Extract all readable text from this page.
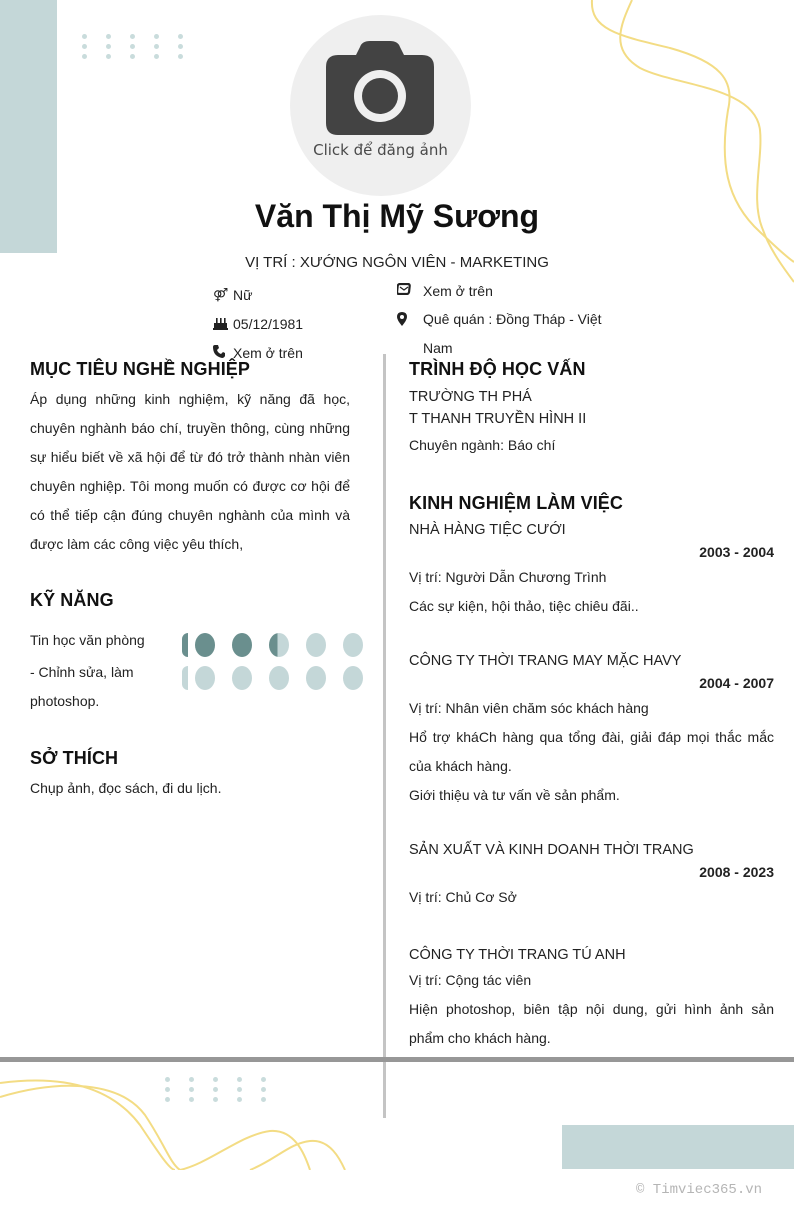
Click để đăng ảnh
Văn Thị Mỹ Sương
VỊ TRÍ : XƯỚNG NGÔN VIÊN - MARKETING
⚤ Nữ
05/12/1981
Xem ở trên
Xem ở trên
Quê quán : Đồng Tháp - Việt
Nam
MỤC TIÊU NGHỀ NGHIỆP
Áp dụng những kinh nghiệm, kỹ năng đã học, chuyên nghành báo chí, truyền thông, cùng những sự hiểu biết về xã hội để từ đó trở thành nhàn viên chuyên nghiệp. Tôi mong muốn có được cơ hội để có thể tiếp cận đúng chuyên nghành của mình và được làm các công việc yêu thích,
KỸ NĂNG
Tin học văn phòng
- Chỉnh sửa, làm photoshop.
SỞ THÍCH
Chụp ảnh, đọc sách, đi du lịch.
TRÌNH ĐỘ HỌC VẤN
TRƯỜNG TH PHÁ
T THANH TRUYỀN HÌNH II
Chuyên ngành: Báo chí
KINH NGHIỆM LÀM VIỆC
NHÀ HÀNG TIỆC CƯỚI
2003 - 2004
Vị trí: Người Dẫn Chương Trình
Các sự kiện, hội thảo, tiệc chiêu đãi..
CÔNG TY THỜI TRANG MAY MẶC HAVY
2004 - 2007
Vị trí: Nhân viên chăm sóc khách hàng
Hổ trợ kháCh hàng qua tổng đài, giải đáp mọi thắc mắc của khách hàng.
Giới thiệu và tư vấn về sản phẩm.
SẢN XUẤT VÀ KINH DOANH THỜI TRANG
2008 - 2023
Vị trí: Chủ Cơ Sở
CÔNG TY THỜI TRANG TÚ ANH
Vị trí: Cộng tác viên
Hiện photoshop, biên tập nội dung, gửi hình ảnh sản phẩm cho khách hàng.
© Timviec365.vn
